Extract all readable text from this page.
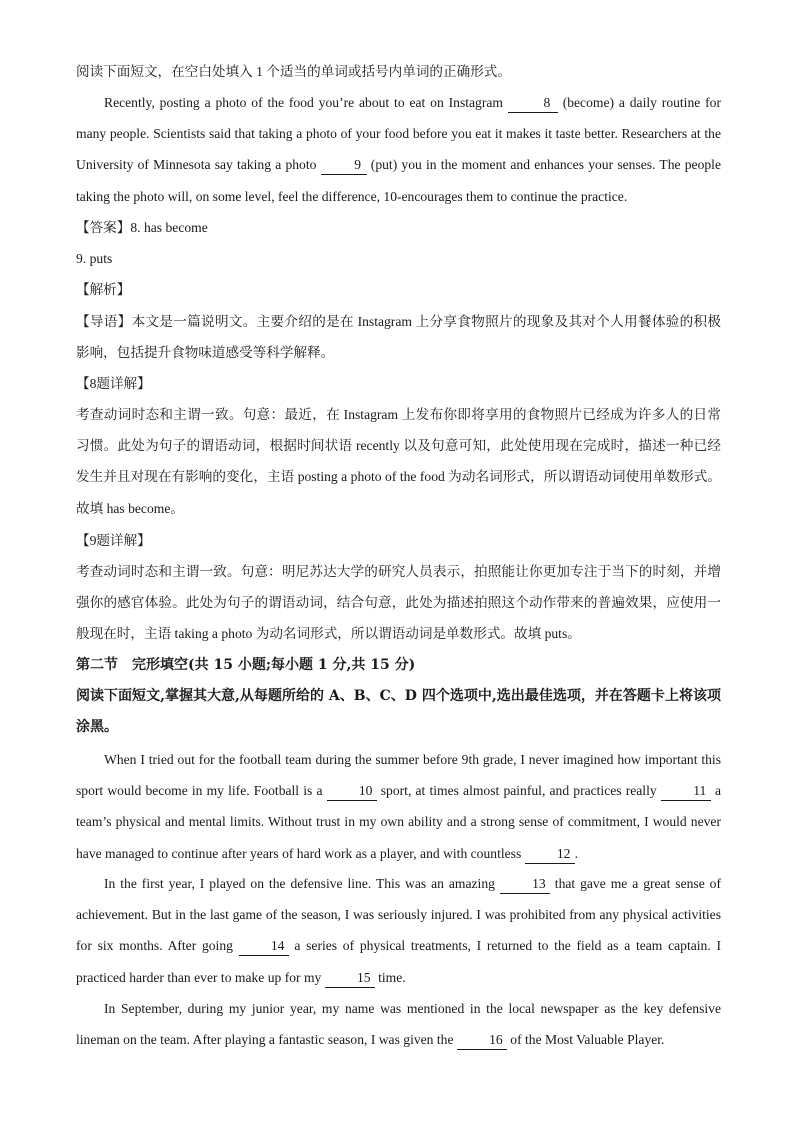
阅读下面短文，在空白处填入 1 个适当的单词或括号内单词的正确形式。

Recently, posting a photo of the food you’re about to eat on Instagram	8 (become) a daily routine for many people. Scientists said that taking a photo of your food before you eat it makes it taste better. Researchers at the University of Minnesota say taking a photo 9 (put) you in the moment and enhances your senses. The people taking the photo will, on some level, feel the difference, 10-encourages them to continue the practice.

【答案】8. has become

9. puts

【解析】

【导语】本文是一篇说明文。主要介绍的是在 Instagram 上分享食物照片的现象及其对个人用餐体验的积极影响，包括提升食物味道感受等科学解释。

【8题详解】

考查动词时态和主谓一致。句意：最近，在 Instagram 上发布你即将享用的食物照片已经成为许多人的日常习惯。此处为句子的谓语动词，根据时间状语 recently 以及句意可知，此处使用现在完成时，描述一种已经发生并且对现在有影响的变化，主语 posting a photo of the food 为动名词形式，所以谓语动词使用单数形式。故填 has become。

【9题详解】

考查动词时态和主谓一致。句意：明尼苏达大学的研究人员表示，拍照能让你更加专注于当下的时刻，并增强你的感官体验。此处为句子的谓语动词，结合句意，此处为描述拍照这个动作带来的普遍效果，应使用一般现在时，主语 taking a photo 为动名词形式，所以谓语动词是单数形式。故填 puts。

第二节　完形填空(共 15 小题;每小题 1 分,共 15 分)

阅读下面短文,掌握其大意,从每题所给的 A、B、C、D 四个选项中,选出最佳选项，并在答题卡上将该项涂黑。

When I tried out for the football team during the summer before 9th grade, I never imagined how important this sport would become in my life. Football is a 10 sport, at times almost painful, and practices really 11 a team’s physical and mental limits. Without trust in my own ability and a strong sense of commitment, I would never have managed to continue after years of hard work as a player, and with countless 12 .

In the first year, I played on the defensive line. This was an amazing 13 that gave me a great sense of achievement. But in the last game of the season, I was seriously injured. I was prohibited from any physical activities for six months. After going 14 a series of physical treatments, I returned to the field as a team captain. I practiced harder than ever to make up for my 15 time.

In September, during my junior year, my name was mentioned in the local newspaper as the key defensive lineman on the team. After playing a fantastic season, I was given the 16 of the Most Valuable Player.
